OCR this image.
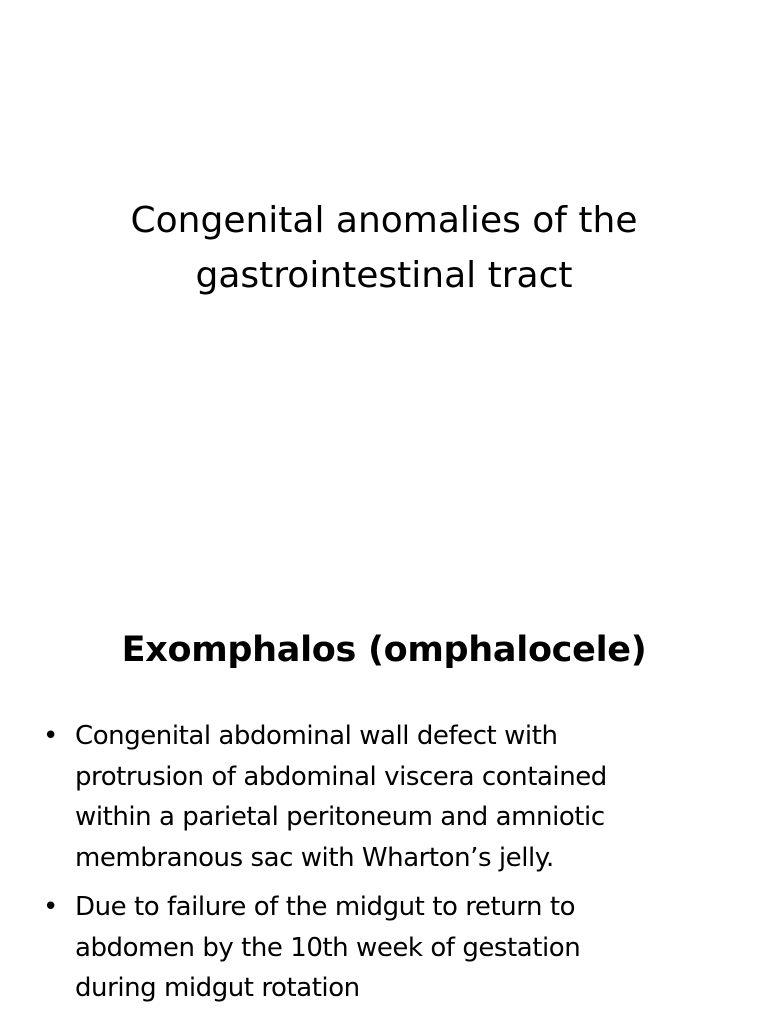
Congenital anomalies of the
gastrointestinal tract
Exomphalos (omphalocele)
• Congenital abdominal wall defect with
protrusion of abdominal viscera contained
within a parietal peritoneum and amniotic
membranous sac with Wharton’s jelly.
• Due to failure of the midgut to return to
abdomen by the 10th week of gestation
during midgut rotation
